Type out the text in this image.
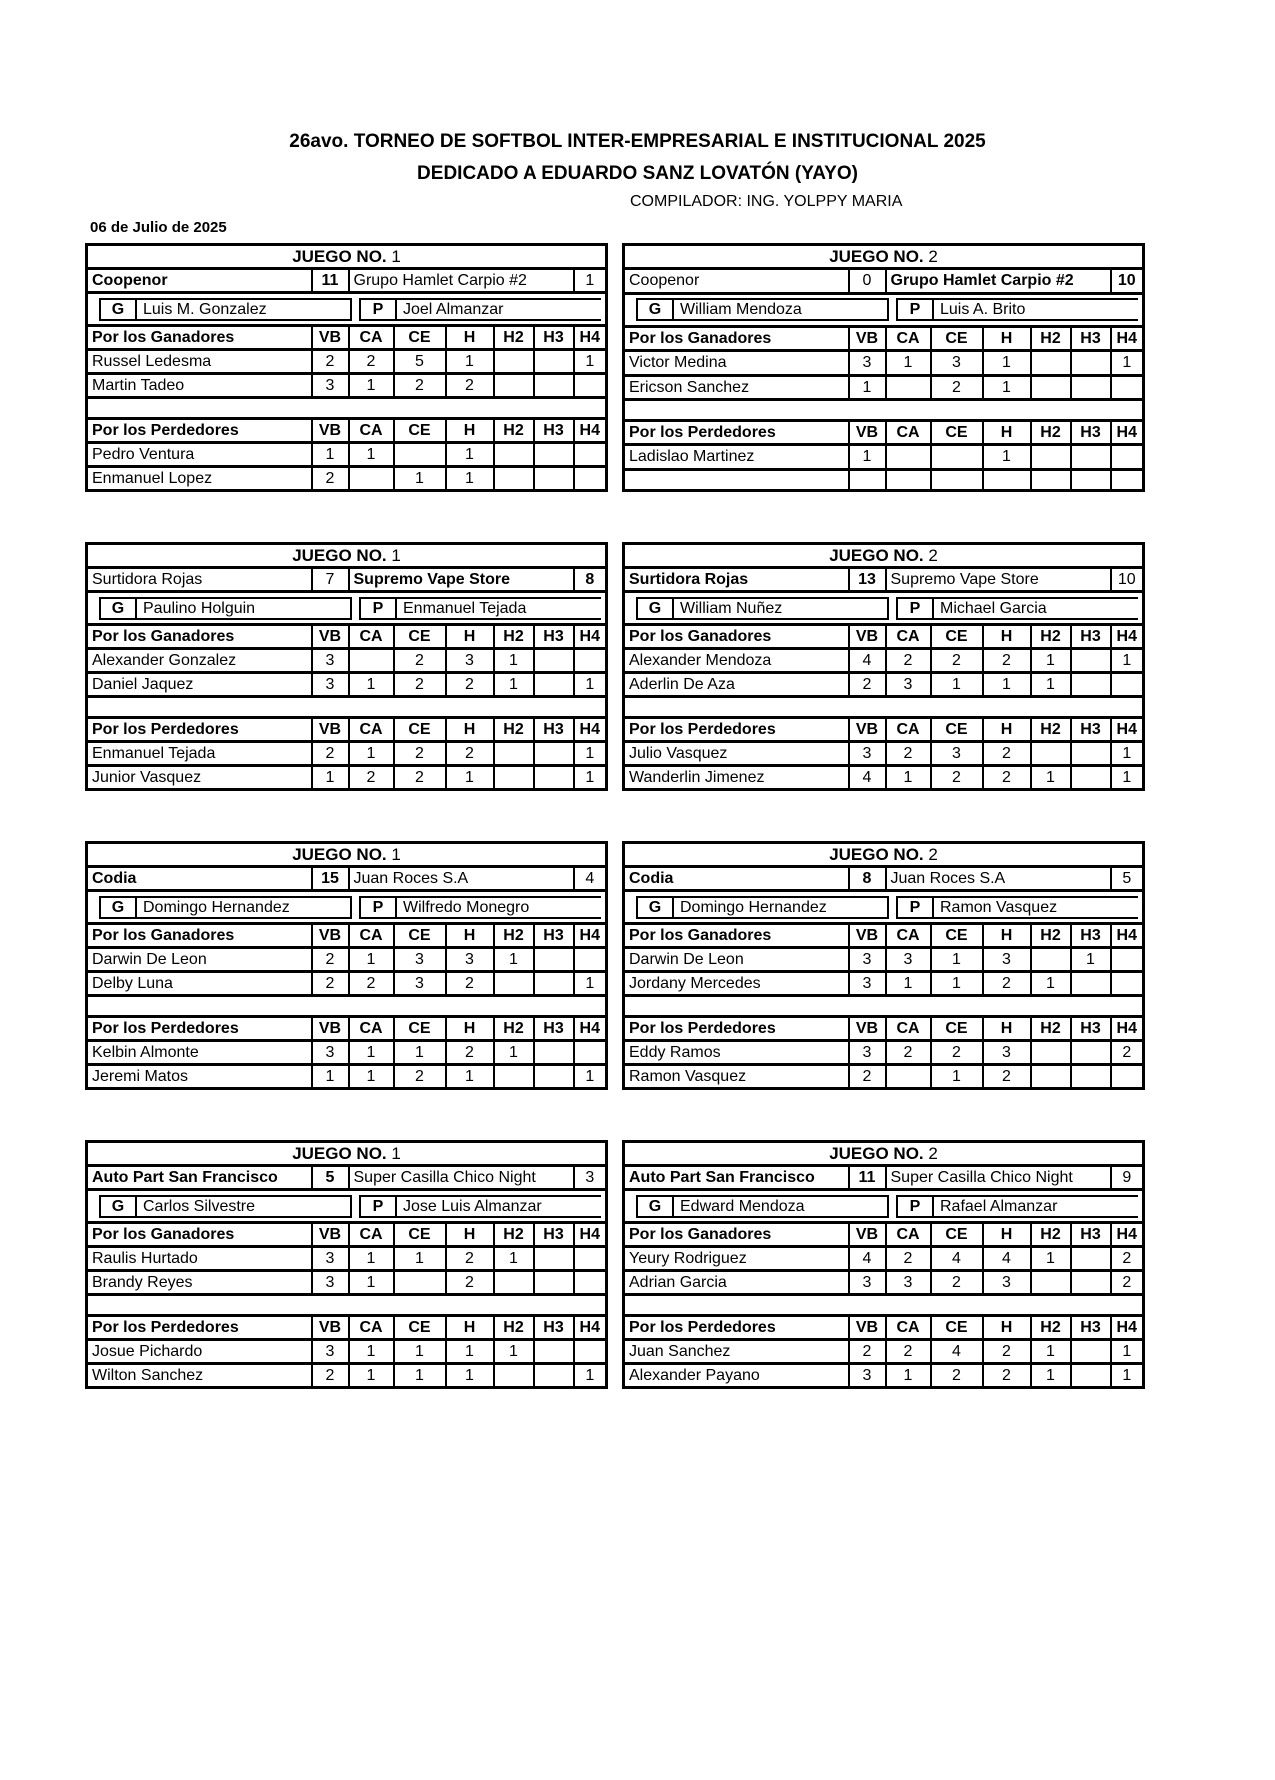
26avo. TORNEO DE SOFTBOL INTER-EMPRESARIAL E INSTITUCIONAL 2025
DEDICADO A EDUARDO SANZ LOVATÓN (YAYO)
COMPILADOR: ING. YOLPPY MARIA
06 de Julio de 2025
JUEGO NO. 1							
Coopenor	11	Grupo Hamlet Carpio #2					1

G Luis M. Gonzalez P Joel Almanzar							

Por los Ganadores	VB	CA	CE	H	H2	H3	H4
Russel Ledesma	2	2	5	1			1
Martin Tadeo	3	1	2	2			

Por los Perdedores	VB	CA	CE	H	H2	H3	H4
Pedro Ventura	1	1		1			
Enmanuel Lopez	2		1	1			
JUEGO NO. 2							
Coopenor	0	Grupo Hamlet Carpio #2					10

G William Mendoza P Luis A. Brito							

Por los Ganadores	VB	CA	CE	H	H2	H3	H4
Victor Medina	3	1	3	1			1
Ericson Sanchez	1		2	1			

Por los Perdedores	VB	CA	CE	H	H2	H3	H4
Ladislao Martinez	1			1			

JUEGO NO. 1							
Surtidora Rojas	7	Supremo Vape Store					8

G Paulino Holguin P Enmanuel Tejada							

Por los Ganadores	VB	CA	CE	H	H2	H3	H4
Alexander Gonzalez	3		2	3	1		
Daniel Jaquez	3	1	2	2	1		1

Por los Perdedores	VB	CA	CE	H	H2	H3	H4
Enmanuel Tejada	2	1	2	2			1
Junior Vasquez	1	2	2	1			1
JUEGO NO. 2							
Surtidora Rojas	13	Supremo Vape Store					10

G William Nuñez P Michael Garcia							

Por los Ganadores	VB	CA	CE	H	H2	H3	H4
Alexander Mendoza	4	2	2	2	1		1
Aderlin De Aza	2	3	1	1	1		

Por los Perdedores	VB	CA	CE	H	H2	H3	H4
Julio Vasquez	3	2	3	2			1
Wanderlin Jimenez	4	1	2	2	1		1
JUEGO NO. 1							
Codia	15	Juan Roces S.A					4

G Domingo Hernandez P Wilfredo Monegro							

Por los Ganadores	VB	CA	CE	H	H2	H3	H4
Darwin De Leon	2	1	3	3	1		
Delby Luna	2	2	3	2			1

Por los Perdedores	VB	CA	CE	H	H2	H3	H4
Kelbin Almonte	3	1	1	2	1		
Jeremi Matos	1	1	2	1			1
JUEGO NO. 2							
Codia	8	Juan Roces S.A					5

G Domingo Hernandez P Ramon Vasquez							

Por los Ganadores	VB	CA	CE	H	H2	H3	H4
Darwin De Leon	3	3	1	3		1	
Jordany Mercedes	3	1	1	2	1		

Por los Perdedores	VB	CA	CE	H	H2	H3	H4
Eddy Ramos	3	2	2	3			2
Ramon Vasquez	2		1	2			
JUEGO NO. 1							
Auto Part San Francisco	5	Super Casilla Chico Night					3

G Carlos Silvestre P Jose Luis Almanzar							

Por los Ganadores	VB	CA	CE	H	H2	H3	H4
Raulis Hurtado	3	1	1	2	1		
Brandy Reyes	3	1		2			

Por los Perdedores	VB	CA	CE	H	H2	H3	H4
Josue Pichardo	3	1	1	1	1		
Wilton Sanchez	2	1	1	1			1
JUEGO NO. 2							
Auto Part San Francisco	11	Super Casilla Chico Night					9

G Edward Mendoza P Rafael Almanzar							

Por los Ganadores	VB	CA	CE	H	H2	H3	H4
Yeury Rodriguez	4	2	4	4	1		2
Adrian Garcia	3	3	2	3			2

Por los Perdedores	VB	CA	CE	H	H2	H3	H4
Juan Sanchez	2	2	4	2	1		1
Alexander Payano	3	1	2	2	1		1
